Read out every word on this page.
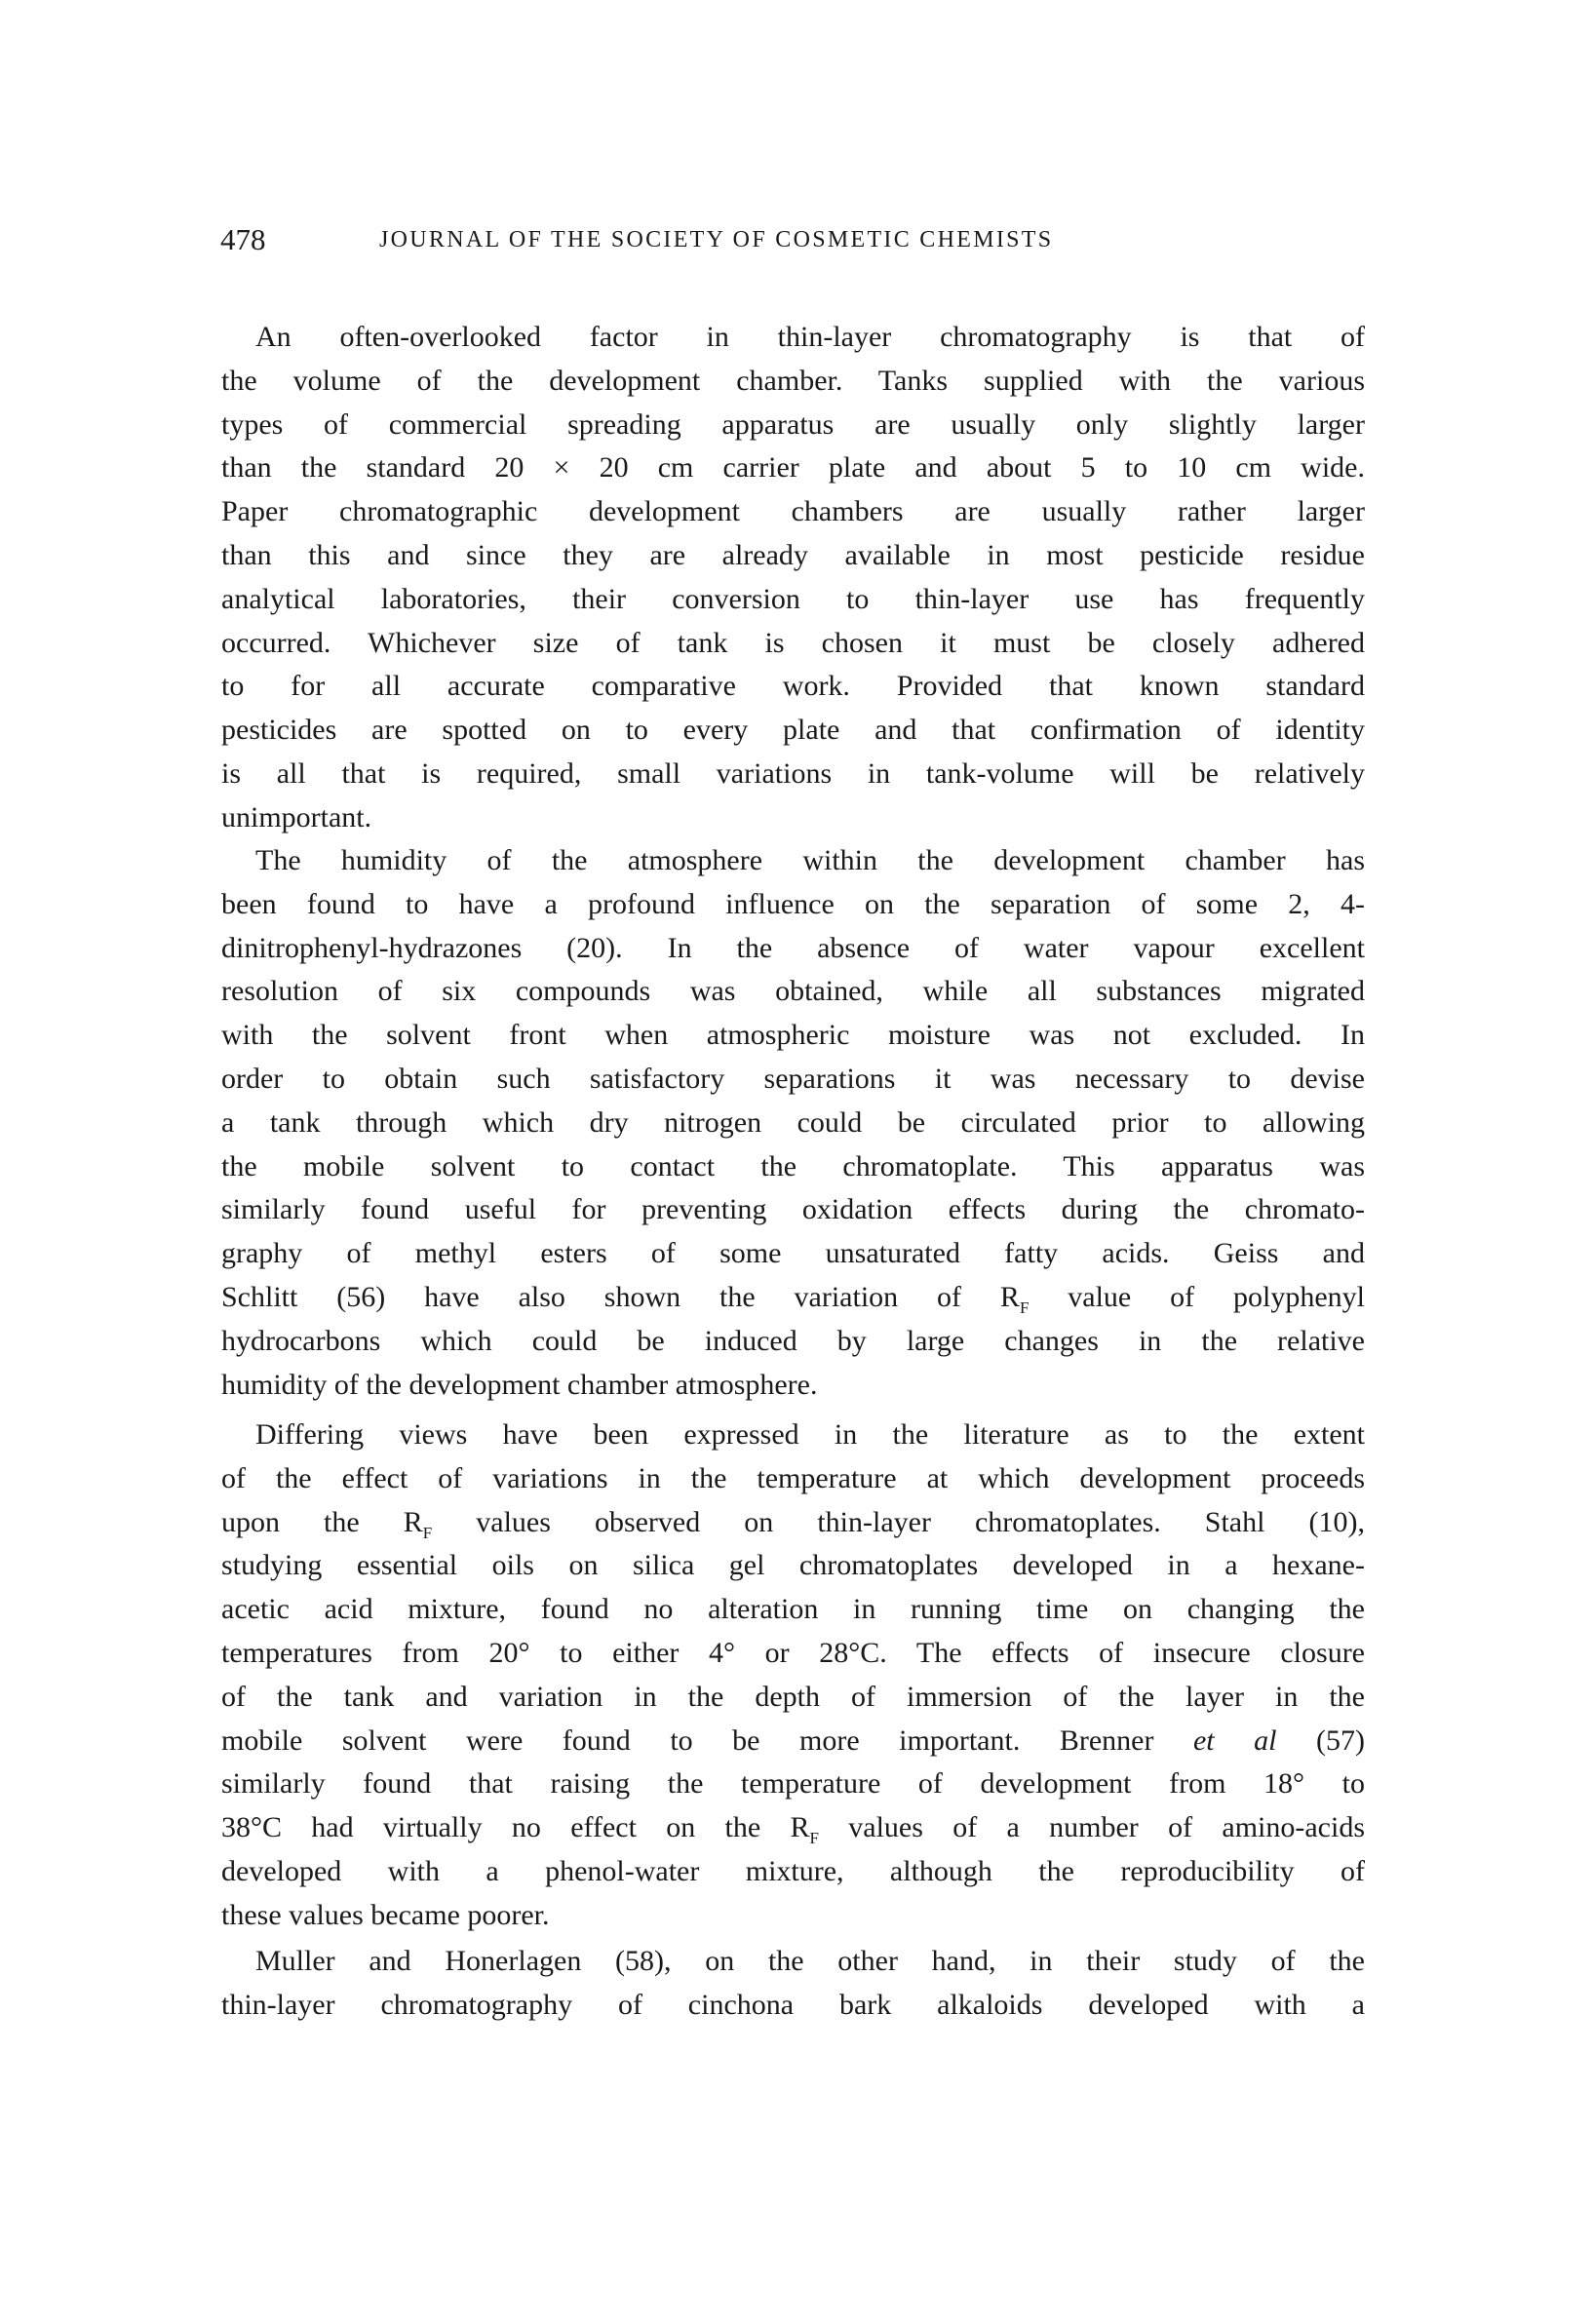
478	JOURNAL OF THE SOCIETY OF COSMETIC CHEMISTS
An often-overlooked factor in thin-layer chromatography is that of
the volume of the development chamber. Tanks supplied with the various
types of commercial spreading apparatus are usually only slightly larger
than the standard 20 × 20 cm carrier plate and about 5 to 10 cm wide.
Paper chromatographic development chambers are usually rather larger
than this and since they are already available in most pesticide residue
analytical laboratories, their conversion to thin-layer use has frequently
occurred. Whichever size of tank is chosen it must be closely adhered
to for all accurate comparative work. Provided that known standard
pesticides are spotted on to every plate and that confirmation of identity
is all that is required, small variations in tank-volume will be relatively
unimportant.
The humidity of the atmosphere within the development chamber has
been found to have a profound influence on the separation of some 2, 4-
dinitrophenyl-hydrazones (20). In the absence of water vapour excellent
resolution of six compounds was obtained, while all substances migrated
with the solvent front when atmospheric moisture was not excluded. In
order to obtain such satisfactory separations it was necessary to devise
a tank through which dry nitrogen could be circulated prior to allowing
the mobile solvent to contact the chromatoplate. This apparatus was
similarly found useful for preventing oxidation effects during the chromato-
graphy of methyl esters of some unsaturated fatty acids. Geiss and
Schlitt (56) have also shown the variation of $R_F$ value of polyphenyl
hydrocarbons which could be induced by large changes in the relative
humidity of the development chamber atmosphere.
Differing views have been expressed in the literature as to the extent
of the effect of variations in the temperature at which development proceeds
upon the $R_F$ values observed on thin-layer chromatoplates. Stahl (10),
studying essential oils on silica gel chromatoplates developed in a hexane-
acetic acid mixture, found no alteration in running time on changing the
temperatures from 20° to either 4° or 28°C. The effects of insecure closure
of the tank and variation in the depth of immersion of the layer in the
mobile solvent were found to be more important. Brenner et al (57)
similarly found that raising the temperature of development from 18° to
38°C had virtually no effect on the $R_F$ values of a number of amino-acids
developed with a phenol-water mixture, although the reproducibility of
these values became poorer.
Muller and Honerlagen (58), on the other hand, in their study of the
thin-layer chromatography of cinchona bark alkaloids developed with a
